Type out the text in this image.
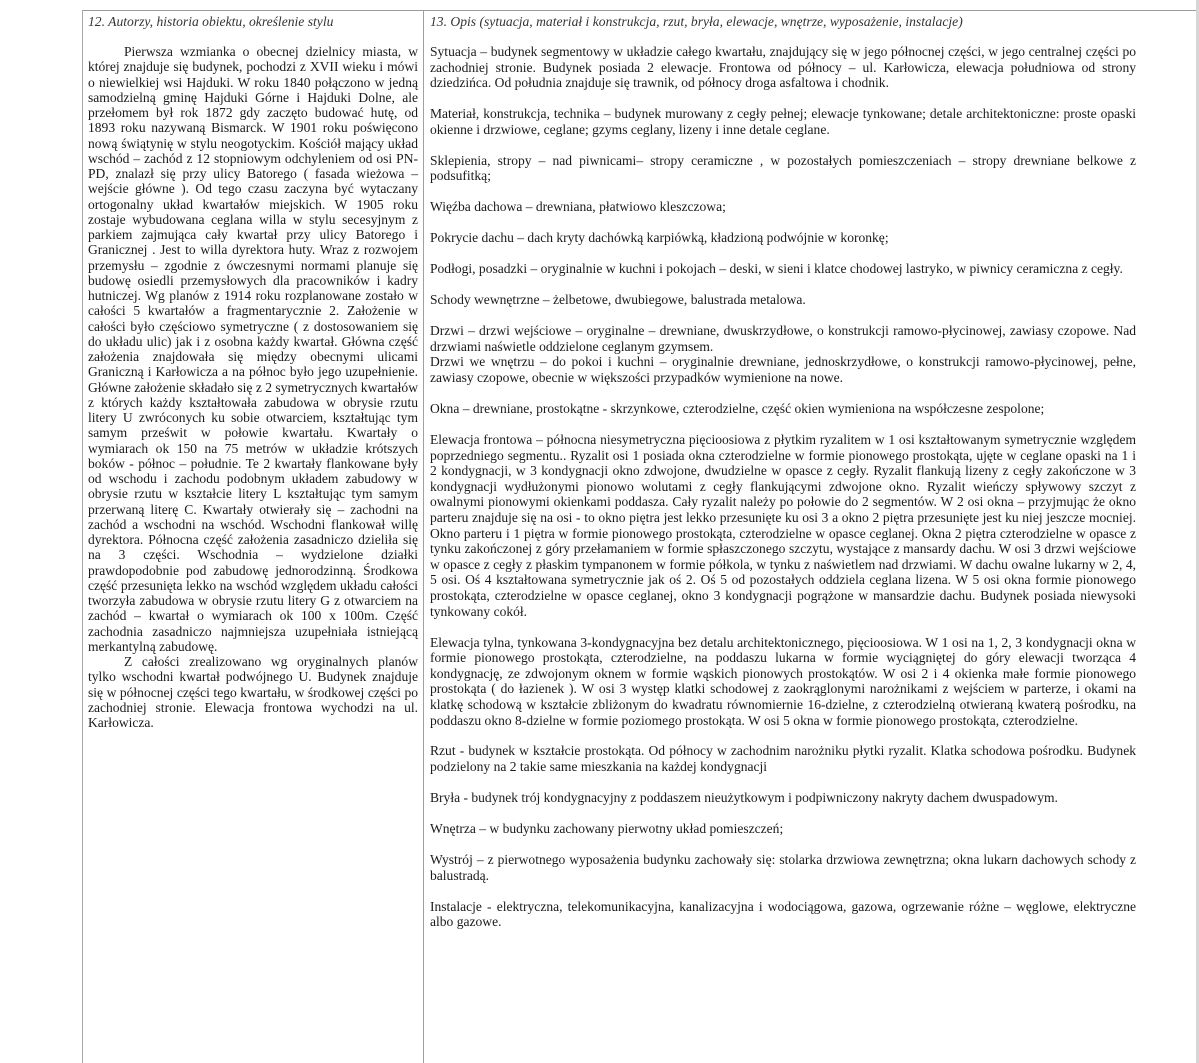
12. Autorzy, historia obiektu, określenie stylu

Pierwsza wzmianka o obecnej dzielnicy miasta, w której znajduje się budynek, pochodzi z XVII wieku i mówi o niewielkiej wsi Hajduki. W roku 1840 połączono w jedną samodzielną gminę Hajduki Górne i Hajduki Dolne, ale przełomem był rok 1872 gdy zaczęto budować hutę, od 1893 roku nazywaną Bismarck. W 1901 roku poświęcono nową świątynię w stylu neogotyckim. Kościół mający układ wschód – zachód z 12 stopniowym odchyleniem od osi PN-PD, znalazł się przy ulicy Batorego ( fasada wieżowa – wejście główne ). Od tego czasu zaczyna być wytaczany ortogonalny układ kwartałów miejskich. W 1905 roku zostaje wybudowana ceglana willa w stylu secesyjnym z parkiem zajmująca cały kwartał przy ulicy Batorego i Granicznej . Jest to willa dyrektora huty. Wraz z rozwojem przemysłu – zgodnie z ówczesnymi normami planuje się budowę osiedli przemysłowych dla pracowników i kadry hutniczej. Wg planów z 1914 roku rozplanowane zostało w całości 5 kwartałów a fragmentarycznie 2. Założenie w całości było częściowo symetryczne ( z dostosowaniem się do układu ulic) jak i z osobna każdy kwartał. Główna część założenia znajdowała się między obecnymi ulicami Graniczną i Karłowicza a na północ było jego uzupełnienie. Główne założenie składało się z 2 symetrycznych kwartałów z których każdy kształtowała zabudowa w obrysie rzutu litery U zwróconych ku sobie otwarciem, kształtując tym samym prześwit w połowie kwartału. Kwartały o wymiarach ok 150 na 75 metrów w układzie krótszych boków - północ – południe. Te 2 kwartały flankowane były od wschodu i zachodu podobnym układem zabudowy w obrysie rzutu w kształcie litery L kształtując tym samym przerwaną literę C. Kwartały otwierały się – zachodni na zachód a wschodni na wschód. Wschodni flankował willę dyrektora. Północna część założenia zasadniczo dzieliła się na 3 części. Wschodnia – wydzielone działki prawdopodobnie pod zabudowę jednorodzinną. Środkowa część przesunięta lekko na wschód względem układu całości tworzyła zabudowa w obrysie rzutu litery G z otwarciem na zachód – kwartał o wymiarach ok 100 x 100m. Część zachodnia zasadniczo najmniejsza uzupełniała istniejącą merkantylną zabudowę.

Z całości zrealizowano wg oryginalnych planów tylko wschodni kwartał podwójnego U. Budynek znajduje się w północnej części tego kwartału, w środkowej części po zachodniej stronie. Elewacja frontowa wychodzi na ul. Karłowicza.

13. Opis (sytuacja, materiał i konstrukcja, rzut, bryła, elewacje, wnętrze, wyposażenie, instalacje)

Sytuacja – budynek segmentowy w układzie całego kwartału, znajdujący się w jego północnej części, w jego centralnej części po zachodniej stronie. Budynek posiada 2 elewacje. Frontowa od północy – ul. Karłowicza, elewacja południowa od strony dziedzińca. Od południa znajduje się trawnik, od północy droga asfaltowa i chodnik.

Materiał, konstrukcja, technika – budynek murowany z cegły pełnej; elewacje tynkowane; detale architektoniczne: proste opaski okienne i drzwiowe, ceglane; gzyms ceglany, lizeny i inne detale ceglane.

Sklepienia, stropy – nad piwnicami– stropy ceramiczne , w pozostałych pomieszczeniach – stropy drewniane belkowe z podsufitką;

Więźba dachowa – drewniana, płatwiowo kleszczowa;

Pokrycie dachu – dach kryty dachówką karpiówką, kładzioną podwójnie w koronkę;

Podłogi, posadzki – oryginalnie w kuchni i pokojach – deski, w sieni i klatce chodowej lastryko, w piwnicy ceramiczna z cegły.

Schody wewnętrzne – żelbetowe, dwubiegowe, balustrada metalowa.

Drzwi – drzwi wejściowe – oryginalne – drewniane, dwuskrzydłowe, o konstrukcji ramowo-płycinowej, zawiasy czopowe. Nad drzwiami naświetle oddzielone ceglanym gzymsem.

Drzwi we wnętrzu – do pokoi i kuchni – oryginalnie drewniane, jednoskrzydłowe, o konstrukcji ramowo-płycinowej, pełne, zawiasy czopowe, obecnie w większości przypadków wymienione na nowe.

Okna – drewniane, prostokątne - skrzynkowe, czterodzielne, część okien wymieniona na współczesne zespolone;

Elewacja frontowa – północna niesymetryczna pięcioosiowa z płytkim ryzalitem w 1 osi kształtowanym symetrycznie względem poprzedniego segmentu.. Ryzalit osi 1 posiada okna czterodzielne w formie pionowego prostokąta, ujęte w ceglane opaski na 1 i 2 kondygnacji, w 3 kondygnacji okno zdwojone, dwudzielne w opascе z cegły. Ryzalit flankują lizeny z cegły zakończone w 3 kondygnacji wydłużonymi pionowo wolutami z cegły flankującymi zdwojone okno. Ryzalit wieńczy spływowy szczyt z owalnymi pionowymi okienkami poddasza. Cały ryzalit należy po połowie do 2 segmentów. W 2 osi okna – przyjmując że okno parteru znajduje się na osi - to okno piętra jest lekko przesunięte ku osi 3 a okno 2 piętra przesunięte jest ku niej jeszcze mocniej. Okno parteru i 1 piętra w formie pionowego prostokąta, czterodzielne w opascе ceglanej. Okna 2 piętra czterodzielne w opascе z tynku zakończonej z góry przełamaniem w formie spłaszczonego szczytu, wystające z mansardy dachu. W osi 3 drzwi wejściowe w opascе z cegły z płaskim tympanonem w formie półkola, w tynku z naświetlem nad drzwiami. W dachu owalne lukarny w 2, 4, 5 osi. Oś 4 kształtowana symetrycznie jak oś 2. Oś 5 od pozostałych oddziela ceglana lizena. W 5 osi okna formie pionowego prostokąta, czterodzielne w opascе ceglanej, okno 3 kondygnacji pogrążone w mansardzie dachu. Budynek posiada niewysoki tynkowany cokół.

Elewacja tylna, tynkowana 3-kondygnacyjna bez detalu architektonicznego, pięcioosiowa. W 1 osi na 1, 2, 3 kondygnacji okna w formie pionowego prostokąta, czterodzielne, na poddaszu lukarna w formie wyciągniętej do góry elewacji tworząca 4 kondygnację, ze zdwojonym oknem w formie wąskich pionowych prostokątów. W osi 2 i 4 okienka małe formie pionowego prostokąta ( do łazienek ). W osi 3 występ klatki schodowej z zaokrąglonymi narożnikami z wejściem w parterze, i okami na klatkę schodową w kształcie zbliżonym do kwadratu równomiernie 16-dzielne, z czterodzielną otwieraną kwaterą pośrodku, na poddaszu okno 8-dzielne w formie poziomego prostokąta. W osi 5 okna w formie pionowego prostokąta, czterodzielne.

Rzut - budynek w kształcie prostokąta. Od północy w zachodnim narożniku płytki ryzalit. Klatka schodowa pośrodku. Budynek podzielony na 2 takie same mieszkania na każdej kondygnacji

Bryła - budynek trój kondygnacyjny z poddaszem nieużytkowym i podpiwniczony nakryty dachem dwuspadowym.

Wnętrza – w budynku zachowany pierwotny układ pomieszczeń;

Wystrój – z pierwotnego wyposażenia budynku zachowały się: stolarka drzwiowa zewnętrzna; okna lukarn dachowych schody z balustradą.

Instalacje - elektryczna, telekomunikacyjna, kanalizacyjna i wodociągowa, gazowa, ogrzewanie różne – węglowe, elektryczne albo gazowe.
